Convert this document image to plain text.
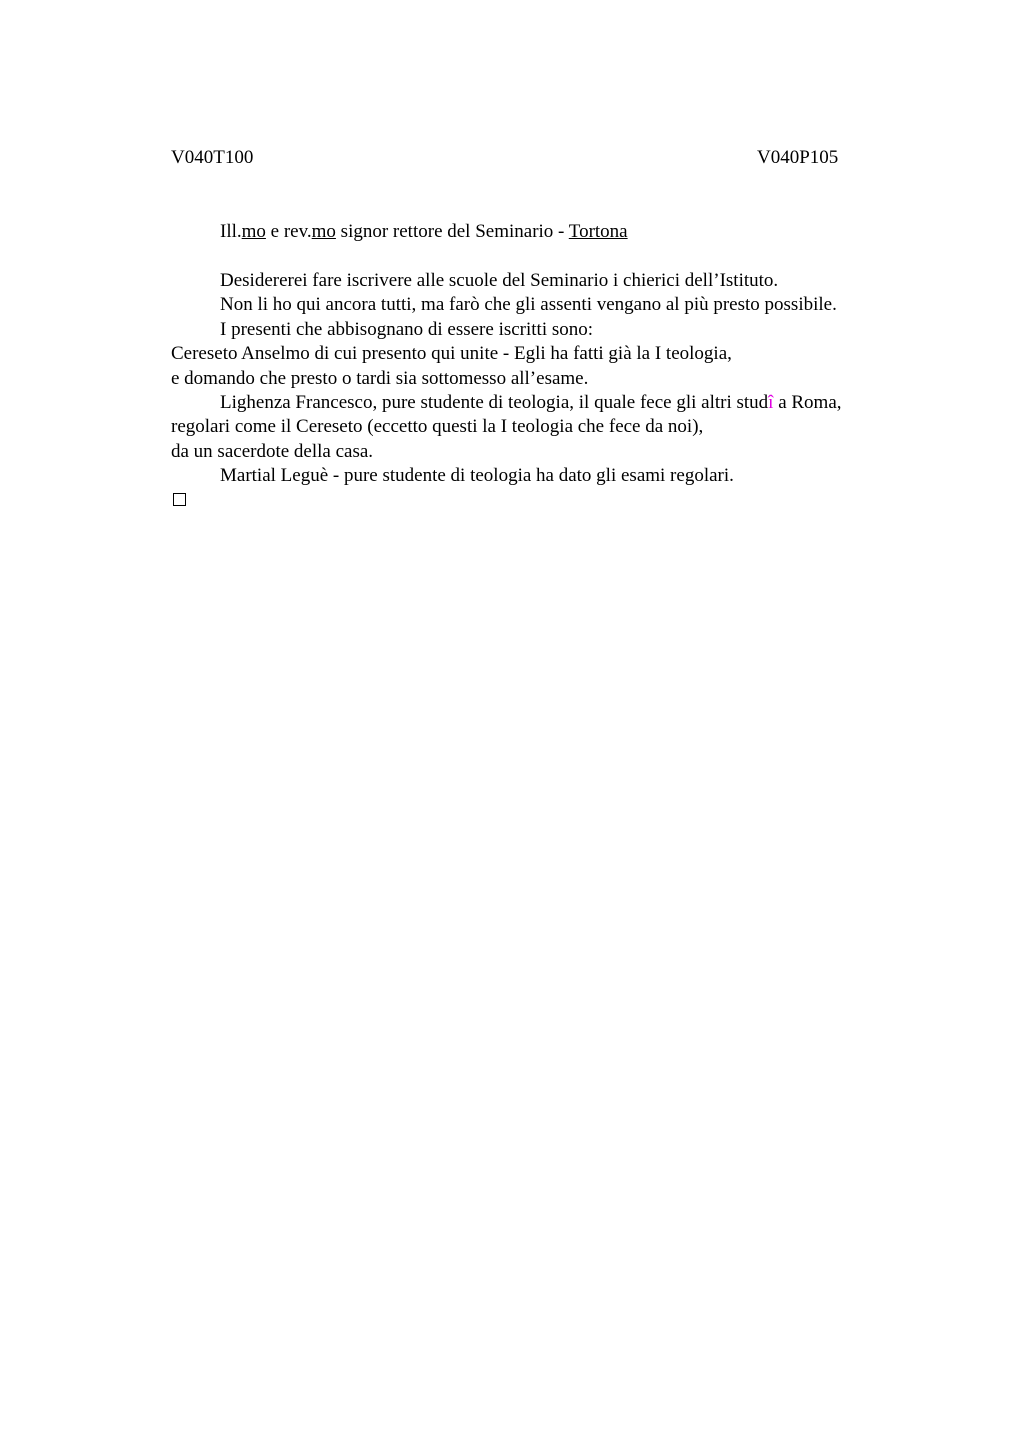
V040T100	V040P105
Ill.mo e rev.mo signor rettore del Seminario - Tortona
Desidererei fare iscrivere alle scuole del Seminario i chierici dell’Istituto.
Non li ho qui ancora tutti, ma farò che gli assenti vengano al più presto possibile.
I presenti che abbisognano di essere iscritti sono:
Cereseto Anselmo di cui presento qui unite - Egli ha fatti già la I teologia,
e domando che presto o tardi sia sottomesso all’esame.
Lighenza Francesco, pure studente di teologia, il quale fece gli altri studî a Roma,
regolari come il Cereseto (eccetto questi la I teologia che fece da noi),
da un sacerdote della casa.
Martial Leguè - pure studente di teologia ha dato gli esami regolari.
